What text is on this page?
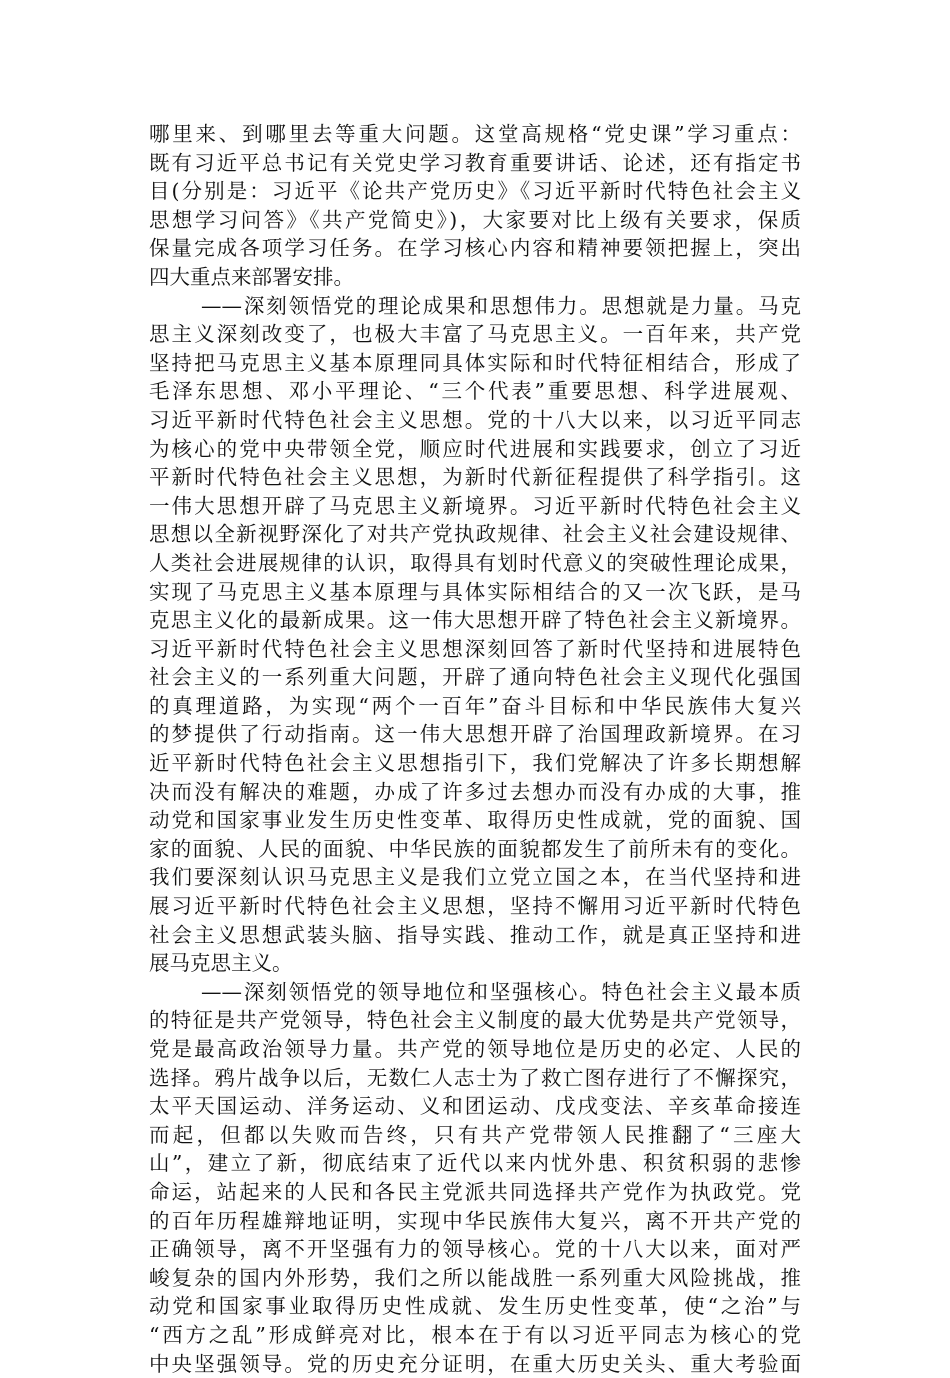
哪里来、到哪里去等重大问题。这堂高规格“党史课”学习重点：
既有习近平总书记有关党史学习教育重要讲话、论述，还有指定书
目(分别是：习近平《论共产党历史》《习近平新时代特色社会主义
思想学习问答》《共产党简史》)，大家要对比上级有关要求，保质
保量完成各项学习任务。在学习核心内容和精神要领把握上，突出
四大重点来部署安排。
——深刻领悟党的理论成果和思想伟力。思想就是力量。马克
思主义深刻改变了，也极大丰富了马克思主义。一百年来，共产党
坚持把马克思主义基本原理同具体实际和时代特征相结合，形成了
毛泽东思想、邓小平理论、“三个代表”重要思想、科学进展观、
习近平新时代特色社会主义思想。党的十八大以来，以习近平同志
为核心的党中央带领全党，顺应时代进展和实践要求，创立了习近
平新时代特色社会主义思想，为新时代新征程提供了科学指引。这
一伟大思想开辟了马克思主义新境界。习近平新时代特色社会主义
思想以全新视野深化了对共产党执政规律、社会主义社会建设规律、
人类社会进展规律的认识，取得具有划时代意义的突破性理论成果，
实现了马克思主义基本原理与具体实际相结合的又一次飞跃，是马
克思主义化的最新成果。这一伟大思想开辟了特色社会主义新境界。
习近平新时代特色社会主义思想深刻回答了新时代坚持和进展特色
社会主义的一系列重大问题，开辟了通向特色社会主义现代化强国
的真理道路，为实现“两个一百年”奋斗目标和中华民族伟大复兴
的梦提供了行动指南。这一伟大思想开辟了治国理政新境界。在习
近平新时代特色社会主义思想指引下，我们党解决了许多长期想解
决而没有解决的难题，办成了许多过去想办而没有办成的大事，推
动党和国家事业发生历史性变革、取得历史性成就，党的面貌、国
家的面貌、人民的面貌、中华民族的面貌都发生了前所未有的变化。
我们要深刻认识马克思主义是我们立党立国之本，在当代坚持和进
展习近平新时代特色社会主义思想，坚持不懈用习近平新时代特色
社会主义思想武装头脑、指导实践、推动工作，就是真正坚持和进
展马克思主义。
——深刻领悟党的领导地位和坚强核心。特色社会主义最本质
的特征是共产党领导，特色社会主义制度的最大优势是共产党领导，
党是最高政治领导力量。共产党的领导地位是历史的必定、人民的
选择。鸦片战争以后，无数仁人志士为了救亡图存进行了不懈探究，
太平天国运动、洋务运动、义和团运动、戊戌变法、辛亥革命接连
而起，但都以失败而告终，只有共产党带领人民推翻了“三座大
山”，建立了新，彻底结束了近代以来内忧外患、积贫积弱的悲惨
命运，站起来的人民和各民主党派共同选择共产党作为执政党。党
的百年历程雄辩地证明，实现中华民族伟大复兴，离不开共产党的
正确领导，离不开坚强有力的领导核心。党的十八大以来，面对严
峻复杂的国内外形势，我们之所以能战胜一系列重大风险挑战，推
动党和国家事业取得历史性成就、发生历史性变革，使“之治”与
“西方之乱”形成鲜亮对比，根本在于有以习近平同志为核心的党
中央坚强领导。党的历史充分证明，在重大历史关头、重大考验面
